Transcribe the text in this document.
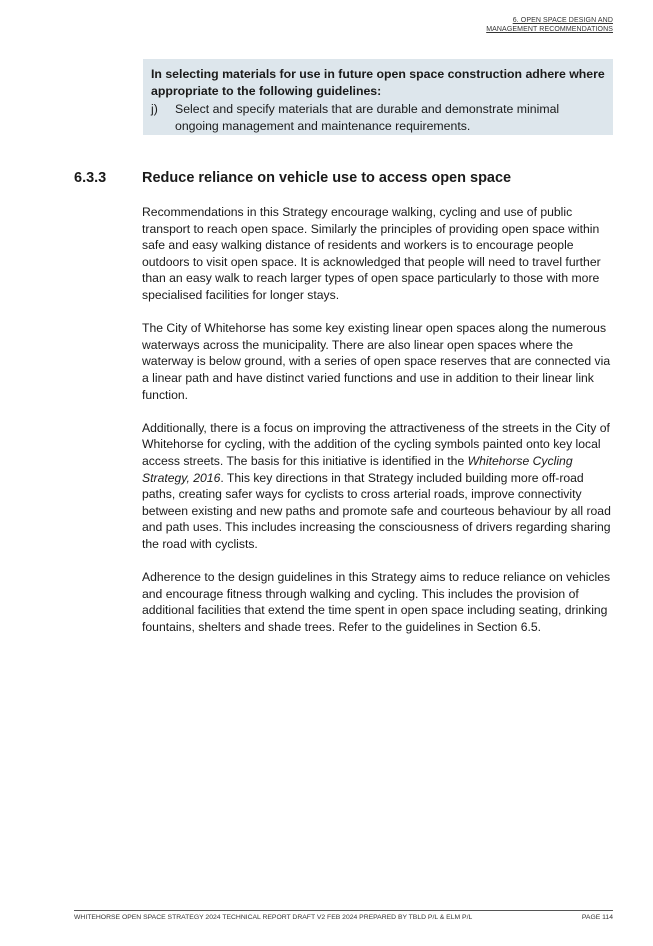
6. OPEN SPACE DESIGN AND
MANAGEMENT RECOMMENDATIONS

In selecting materials for use in future open space construction adhere where appropriate to the following guidelines:

j)	Select and specify materials that are durable and demonstrate minimal ongoing management and maintenance requirements.
6.3.3	Reduce reliance on vehicle use to access open space

Recommendations in this Strategy encourage walking, cycling and use of public transport to reach open space. Similarly the principles of providing open space within safe and easy walking distance of residents and workers is to encourage people outdoors to visit open space. It is acknowledged that people will need to travel further than an easy walk to reach larger types of open space particularly to those with more specialised facilities for longer stays.

The City of Whitehorse has some key existing linear open spaces along the numerous waterways across the municipality. There are also linear open spaces where the waterway is below ground, with a series of open space reserves that are connected via a linear path and have distinct varied functions and use in addition to their linear link function.

Additionally, there is a focus on improving the attractiveness of the streets in the City of Whitehorse for cycling, with the addition of the cycling symbols painted onto key local access streets. The basis for this initiative is identified in the Whitehorse Cycling Strategy, 2016. This key directions in that Strategy included building more off-road paths, creating safer ways for cyclists to cross arterial roads, improve connectivity between existing and new paths and promote safe and courteous behaviour by all road and path uses. This includes increasing the consciousness of drivers regarding sharing the road with cyclists.

Adherence to the design guidelines in this Strategy aims to reduce reliance on vehicles and encourage fitness through walking and cycling. This includes the provision of additional facilities that extend the time spent in open space including seating, drinking fountains, shelters and shade trees. Refer to the guidelines in Section 6.5.

WHITEHORSE OPEN SPACE STRATEGY 2024 TECHNICAL REPORT DRAFT V2 FEB 2024 PREPARED BY TBLD P/L & ELM P/L	PAGE 114
